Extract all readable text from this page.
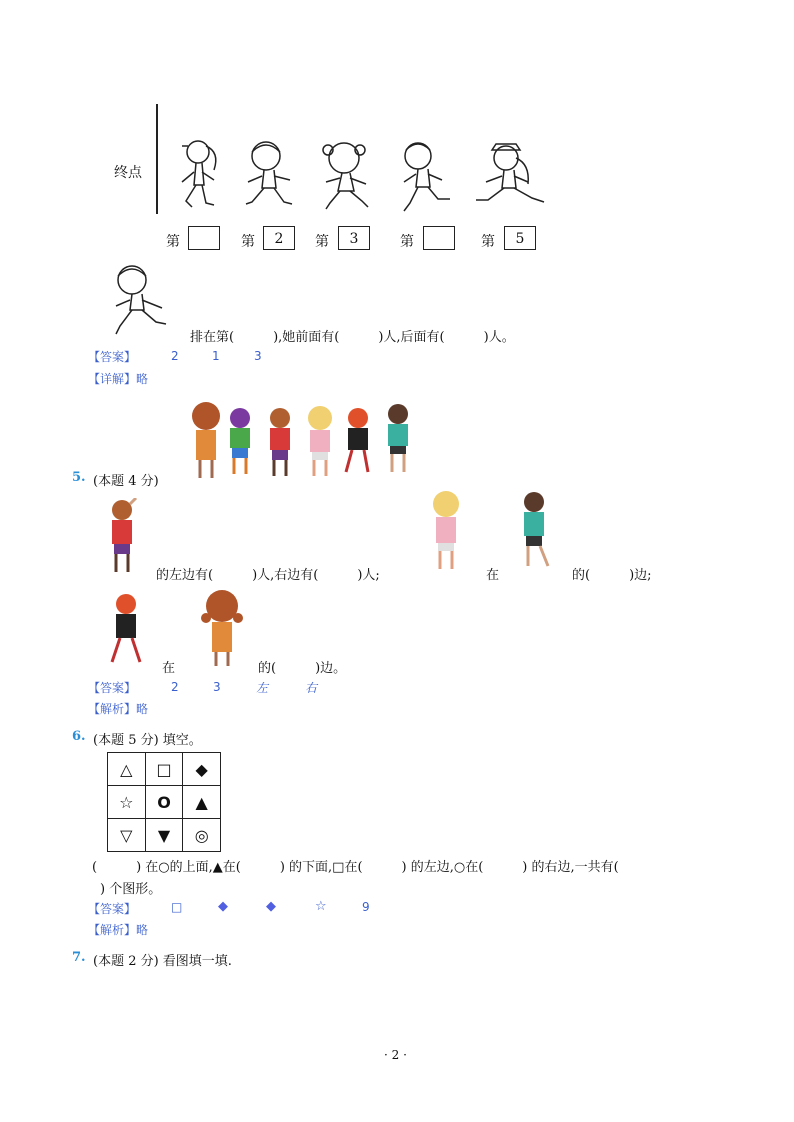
终点
第	第	2	第	3	第	第	5
排在第(　　　),她前面有(　　　)人,后面有(　　　)人。
【答案】	2	1	3
【详解】略
5. (本题 4 分)
的左边有(　　　)人,右边有(　　　)人;	在	的(　　　)边;
在	的(　　　)边。
【答案】	2	3	左	右
【解析】略
6. (本题 5 分) 填空。
△	□	◆
☆	O	▲
▽	▼	◎
(　　　) 在○的上面,▲在(　　　) 的下面,□在(　　　) 的左边,○在(　　　) 的右边,一共有(
) 个图形。
【答案】	□	◆	◆	☆	9
【解析】略
7. (本题 2 分) 看图填一填.
· 2 ·
